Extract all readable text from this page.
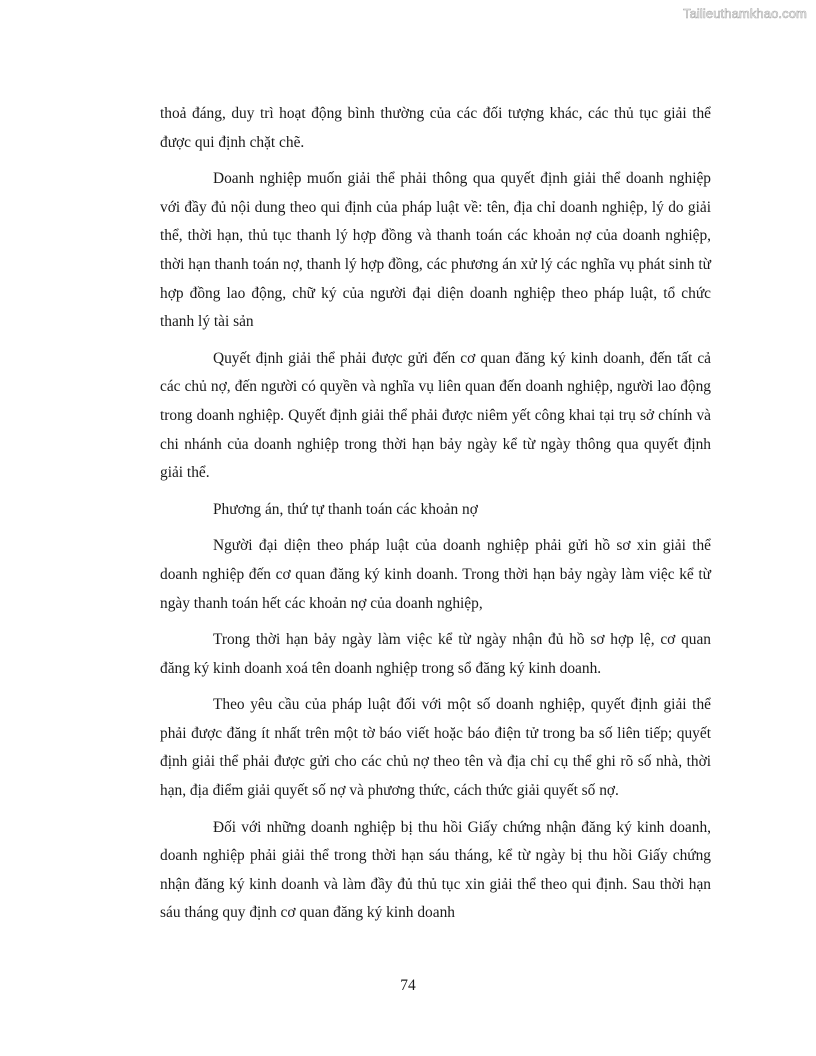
Tailieuthamkhao.com

thoả đáng, duy trì hoạt động bình thường của các đối tượng khác, các thủ tục giải thể được qui định chặt chẽ.

Doanh nghiệp muốn giải thể phải thông qua quyết định giải thể doanh nghiệp với đầy đủ nội dung theo qui định của pháp luật về: tên, địa chỉ doanh nghiệp, lý do giải thể, thời hạn, thủ tục thanh lý hợp đồng và thanh toán các khoản nợ của doanh nghiệp, thời hạn thanh toán nợ, thanh lý hợp đồng, các phương án xử lý các nghĩa vụ phát sinh từ hợp đồng lao động, chữ ký của người đại diện doanh nghiệp theo pháp luật, tổ chức thanh lý tài sản

Quyết định giải thể phải được gửi đến cơ quan đăng ký kinh doanh, đến tất cả các chủ nợ, đến người có quyền và nghĩa vụ liên quan đến doanh nghiệp, người lao động trong doanh nghiệp. Quyết định giải thể phải được niêm yết công khai tại trụ sở chính và chi nhánh của doanh nghiệp trong thời hạn bảy ngày kể từ ngày thông qua quyết định giải thể.

Phương án, thứ tự thanh toán các khoản nợ

Người đại diện theo pháp luật của doanh nghiệp phải gửi hồ sơ xin giải thể doanh nghiệp đến cơ quan đăng ký kinh doanh. Trong thời hạn bảy ngày làm việc kể từ ngày thanh toán hết các khoản nợ của doanh nghiệp,

Trong thời hạn bảy ngày làm việc kể từ ngày nhận đủ hồ sơ hợp lệ, cơ quan đăng ký kinh doanh xoá tên doanh nghiệp trong sổ đăng ký kinh doanh.

Theo yêu cầu của pháp luật đối với một số doanh nghiệp, quyết định giải thể phải được đăng ít nhất trên một tờ báo viết hoặc báo điện tử trong ba số liên tiếp; quyết định giải thể phải được gửi cho các chủ nợ theo tên và địa chỉ cụ thể ghi rõ số nhà, thời hạn, địa điểm giải quyết số nợ và phương thức, cách thức giải quyết số nợ.

Đối với những doanh nghiệp bị thu hồi Giấy chứng nhận đăng ký kinh doanh, doanh nghiệp phải giải thể trong thời hạn sáu tháng, kể từ ngày bị thu hồi Giấy chứng nhận đăng ký kinh doanh và làm đầy đủ thủ tục xin giải thể theo qui định. Sau thời hạn sáu tháng quy định cơ quan đăng ký kinh doanh

74
